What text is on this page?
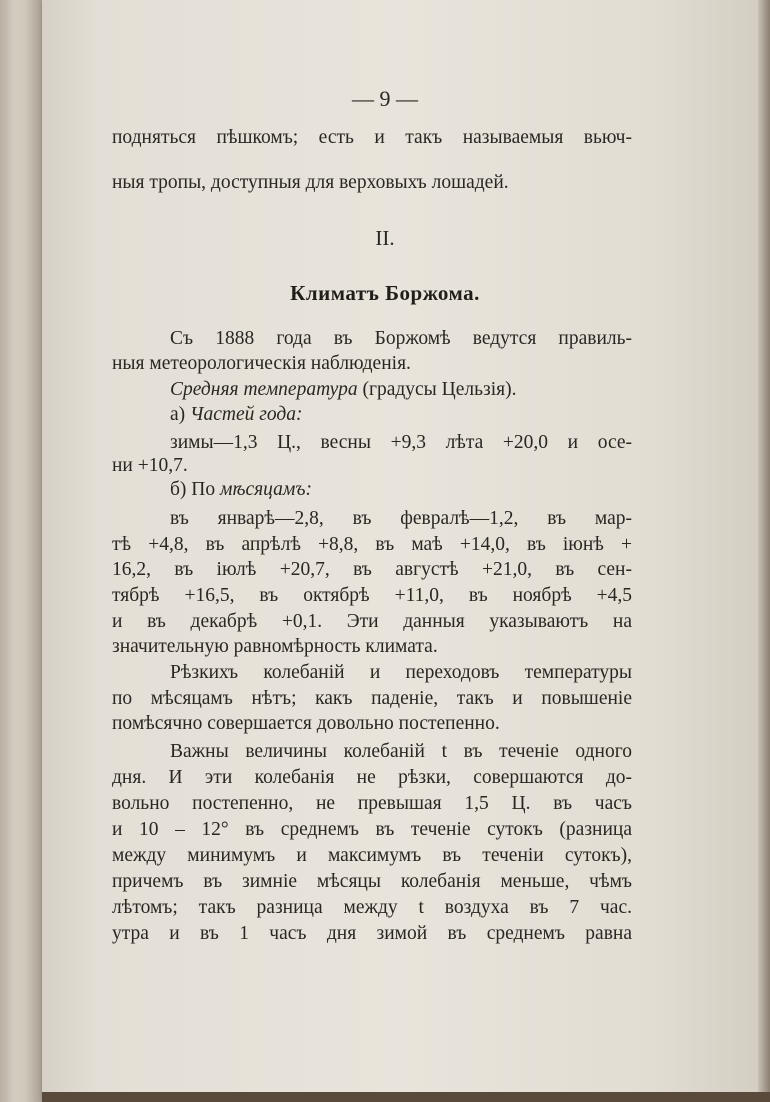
— 9 —
подняться пѣшкомъ; есть и такъ называемыя вьюч-
ныя тропы, доступныя для верховыхъ лошадей.
II.
Климатъ Боржома.
Съ 1888 года въ Боржомѣ ведутся правиль-
ныя метеорологическія наблюденія.
Средняя температура (градусы Цельзія).
а) Частей года:
зимы—1,3 Ц., весны +9,3 лѣта +20,0 и осе-
ни +10,7.
б) По мѣсяцамъ:
въ январѣ—2,8, въ февралѣ—1,2, въ мар-
тѣ +4,8, въ апрѣлѣ +8,8, въ маѣ +14,0, въ іюнѣ +
16,2, въ іюлѣ +20,7, въ августѣ +21,0, въ сен-
тябрѣ +16,5, въ октябрѣ +11,0, въ ноябрѣ +4,5
и въ декабрѣ +0,1. Эти данныя указываютъ на
значительную равномѣрность климата.
Рѣзкихъ колебаній и переходовъ температуры
по мѣсяцамъ нѣтъ; какъ паденіе, такъ и повышеніе
помѣсячно совершается довольно постепенно.
Важны величины колебаній t въ теченіе одного
дня. И эти колебанія не рѣзки, совершаются до-
вольно постепенно, не превышая 1,5 Ц. въ часъ
и 10 – 12° въ среднемъ въ теченіе сутокъ (разница
между минимумъ и максимумъ въ теченіи сутокъ),
причемъ въ зимніе мѣсяцы колебанія меньше, чѣмъ
лѣтомъ; такъ разница между t воздуха въ 7 час.
утра и въ 1 часъ дня зимой въ среднемъ равна
